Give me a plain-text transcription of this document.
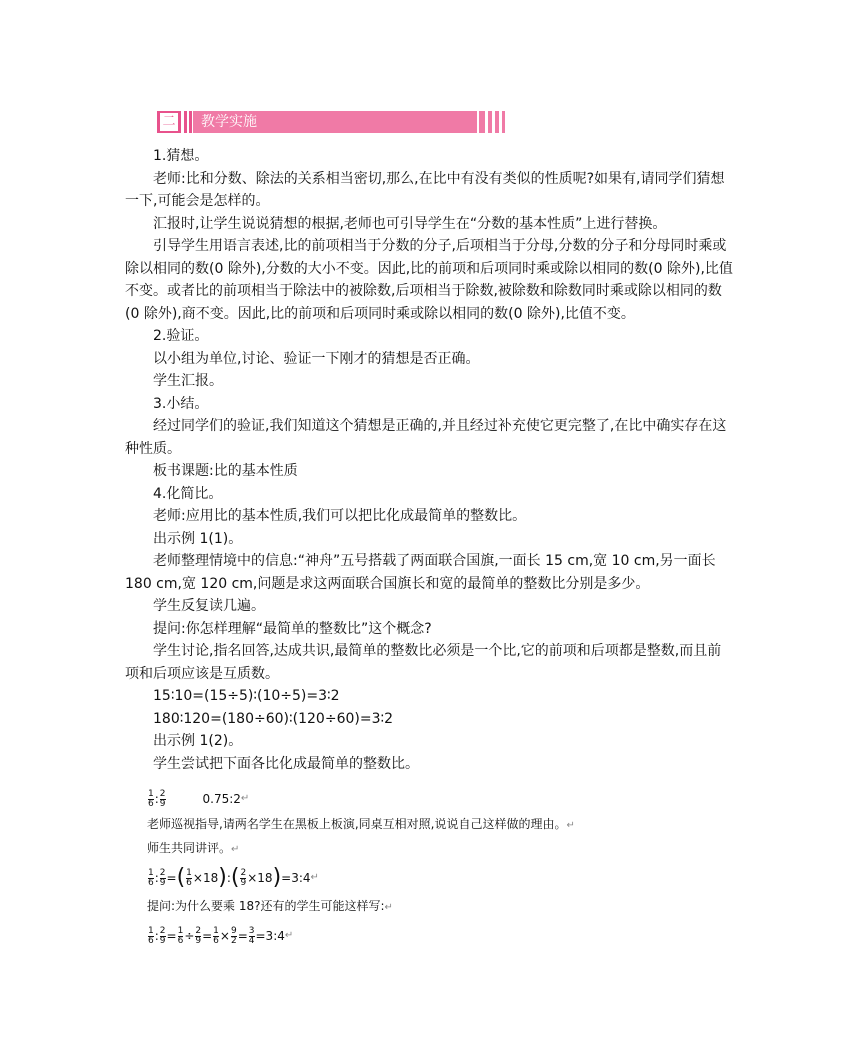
二	教学实施

1.猜想。

老师:比和分数、除法的关系相当密切,那么,在比中有没有类似的性质呢?如果有,请同学们猜想一下,可能会是怎样的。

汇报时,让学生说说猜想的根据,老师也可引导学生在“分数的基本性质”上进行替换。

引导学生用语言表述,比的前项相当于分数的分子,后项相当于分母,分数的分子和分母同时乘或除以相同的数(0 除外),分数的大小不变。因此,比的前项和后项同时乘或除以相同的数(0 除外),比值不变。或者比的前项相当于除法中的被除数,后项相当于除数,被除数和除数同时乘或除以相同的数(0 除外),商不变。因此,比的前项和后项同时乘或除以相同的数(0 除外),比值不变。

2.验证。

以小组为单位,讨论、验证一下刚才的猜想是否正确。

学生汇报。

3.小结。

经过同学们的验证,我们知道这个猜想是正确的,并且经过补充使它更完整了,在比中确实存在这种性质。

板书课题:比的基本性质

4.化简比。

老师:应用比的基本性质,我们可以把比化成最简单的整数比。

出示例 1(1)。

老师整理情境中的信息:“神舟”五号搭载了两面联合国旗,一面长 15 cm,宽 10 cm,另一面长 180 cm,宽 120 cm,问题是求这两面联合国旗长和宽的最简单的整数比分别是多少。

学生反复读几遍。

提问:你怎样理解“最简单的整数比”这个概念?

学生讨论,指名回答,达成共识,最简单的整数比必须是一个比,它的前项和后项都是整数,而且前项和后项应该是互质数。

15∶10=(15÷5)∶(10÷5)=3∶2

180∶120=(180÷60)∶(120÷60)=3∶2

出示例 1(2)。

学生尝试把下面各比化成最简单的整数比。

$\frac{1}{6}$ : $\frac{2}{9}$	0.75:2 ↵

老师巡视指导,请两名学生在黑板上板演,同桌互相对照,说说自己这样做的理由。↵

师生共同讲评。↵

$\frac{1}{6}$ : $\frac{2}{9}$ = ( $\frac{1}{6} \times 18$ ) : ( $\frac{2}{9} \times 18$ ) =3:4 ↵

提问:为什么要乘 18?还有的学生可能这样写:↵

$\frac{1}{6}$ : $\frac{2}{9} = \frac{1}{6} \div \frac{2}{9} = \frac{1}{6} \times \frac{9}{2} = \frac{3}{4}$ =3:4 ↵
